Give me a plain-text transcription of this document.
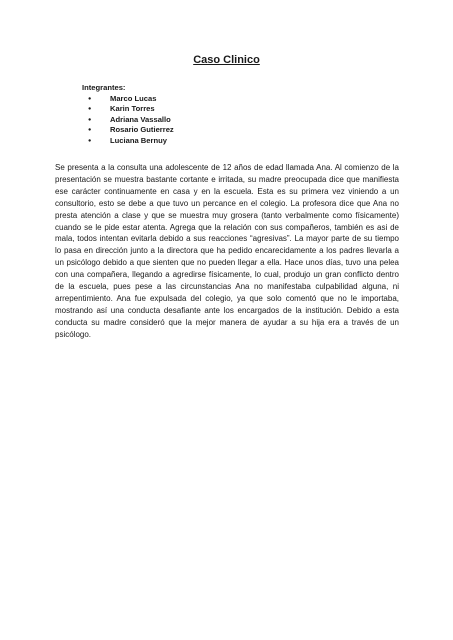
Caso Clinico
Integrantes:
● Marco Lucas
● Karin Torres
● Adriana Vassallo
● Rosario Gutierrez
● Luciana Bernuy

Se presenta a la consulta una adolescente de 12 años de edad llamada Ana. Al comienzo de la presentación se muestra bastante cortante e irritada, su madre preocupada dice que manifiesta ese carácter continuamente en casa y en la escuela. Esta es su primera vez viniendo a un consultorio, esto se debe a que tuvo un percance en el colegio. La profesora dice que Ana no presta atención a clase y que se muestra muy grosera (tanto verbalmente como físicamente) cuando se le pide estar atenta. Agrega que la relación con sus compañeros, también es asi de mala, todos intentan evitarla debido a sus reacciones “agresivas”. La mayor parte de su tiempo lo pasa en dirección junto a la directora que ha pedido encarecidamente a los padres llevarla a un psicólogo debido a que sienten que no pueden llegar a ella. Hace unos días, tuvo una pelea con una compañera, llegando a agredirse físicamente, lo cual, produjo un gran conflicto dentro de la escuela, pues pese a las circunstancias Ana no manifestaba culpabilidad alguna, ni arrepentimiento. Ana fue expulsada del colegio, ya que solo comentó que no le importaba, mostrando así una conducta desafiante ante los encargados de la institución. Debido a esta conducta su madre consideró que la mejor manera de ayudar a su hija era a través de un psicólogo.
